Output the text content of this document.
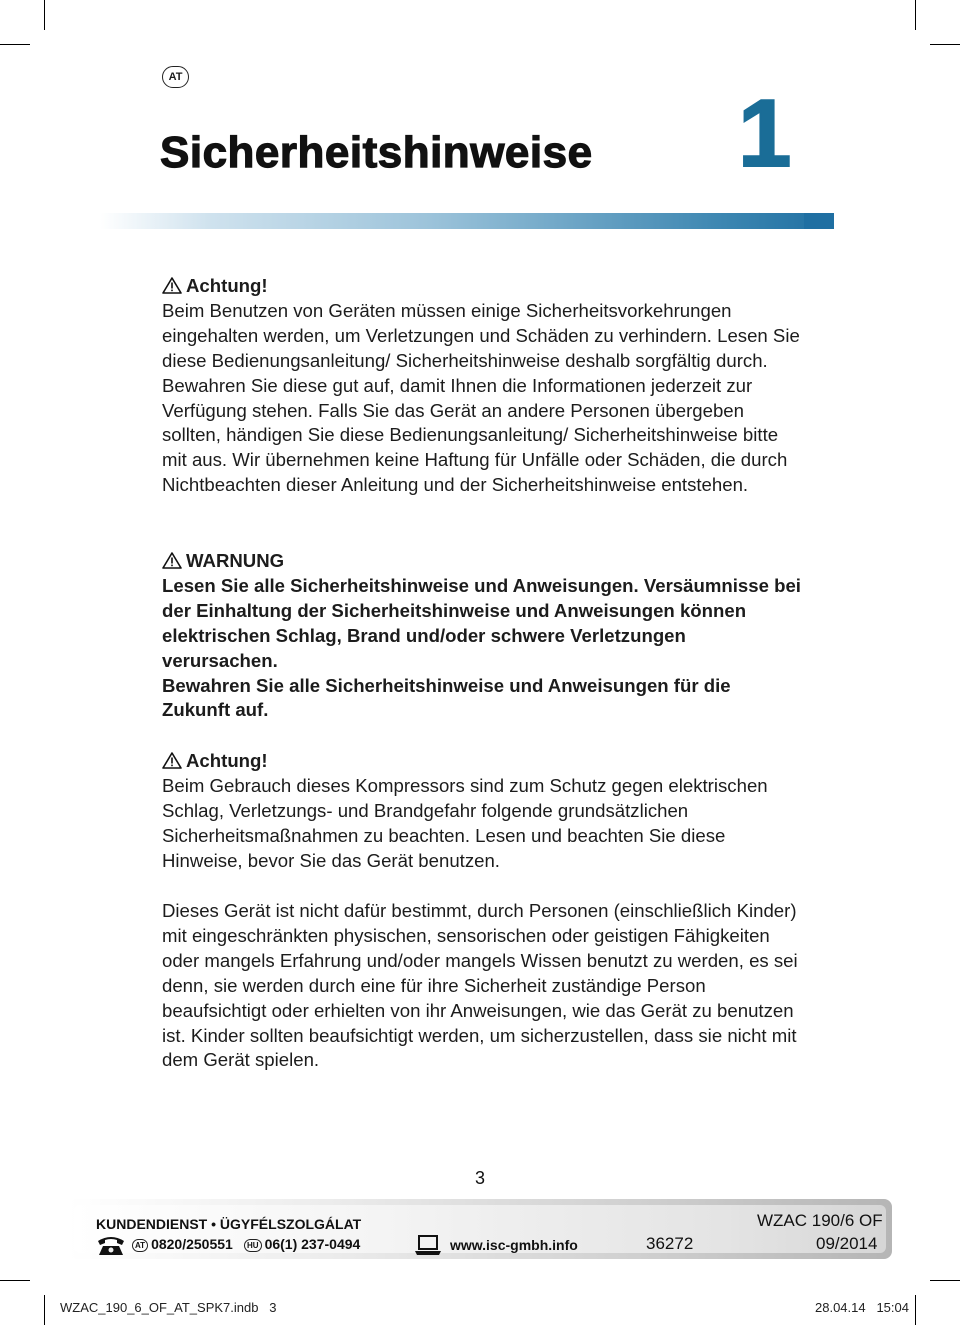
AT
Sicherheitshinweise 1
Achtung!

Beim Benutzen von Geräten müssen einige Sicherheitsvorkehrungen eingehalten werden, um Verletzungen und Schäden zu verhindern. Lesen Sie diese Bedienungsanleitung/ Sicherheitshinweise deshalb sorgfältig durch. Bewahren Sie diese gut auf, damit Ihnen die Informationen jederzeit zur Verfügung stehen. Falls Sie das Gerät an andere Personen übergeben sollten, händigen Sie diese Bedienungsanleitung/ Sicherheitshinweise bitte mit aus. Wir übernehmen keine Haftung für Unfälle oder Schäden, die durch Nichtbeachten dieser Anleitung und der Sicherheitshinweise entstehen.

WARNUNG

Lesen Sie alle Sicherheitshinweise und Anweisungen. Versäumnisse bei der Einhaltung der Sicherheitshinweise und Anweisungen können elektrischen Schlag, Brand und/oder schwere Verletzungen verursachen.

Bewahren Sie alle Sicherheitshinweise und Anweisungen für die Zukunft auf.

Achtung!

Beim Gebrauch dieses Kompressors sind zum Schutz gegen elektrischen Schlag, Verletzungs- und Brandgefahr folgende grundsätzlichen Sicherheitsmaßnahmen zu beachten. Lesen und beachten Sie diese Hinweise, bevor Sie das Gerät benutzen.

Dieses Gerät ist nicht dafür bestimmt, durch Personen (einschließlich Kinder) mit eingeschränkten physischen, sensorischen oder geistigen Fähigkeiten oder mangels Erfahrung und/oder mangels Wissen benutzt zu werden, es sei denn, sie werden durch eine für ihre Sicherheit zuständige Person beaufsichtigt oder erhielten von ihr Anweisungen, wie das Gerät zu benutzen ist. Kinder sollten beaufsichtigt werden, um sicherzustellen, dass sie nicht mit dem Gerät spielen.

3
KUNDENDIENST • ÜGYFÉLSZOLGÁLAT
AT 0820/250551	HU 06(1) 237-0494	www.isc-gmbh.info	36272
WZAC 190/6 OF
09/2014
WZAC_190_6_OF_AT_SPK7.indb   3	28.04.14   15:04
